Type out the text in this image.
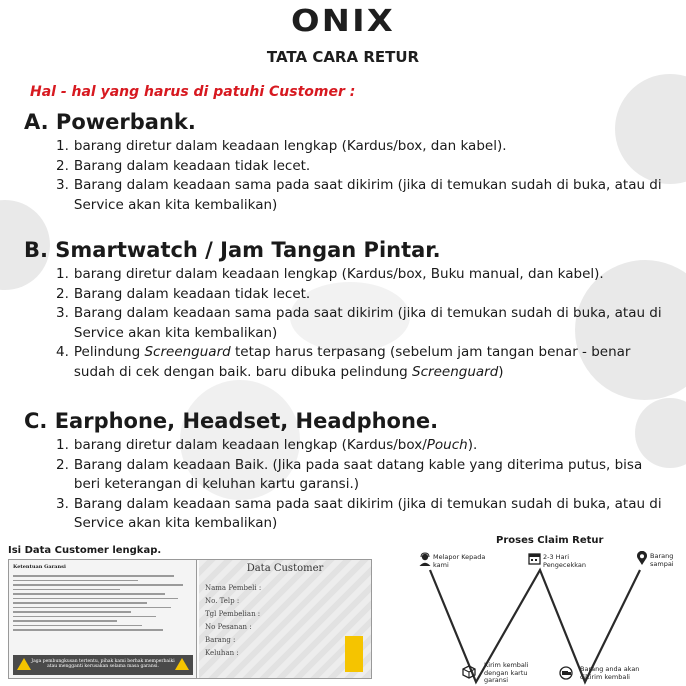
ONIX
TATA CARA RETUR
Hal - hal yang harus di patuhi Customer :
A. Powerbank.
1. barang diretur dalam keadaan lengkap (Kardus/box, dan kabel).
2. Barang dalam keadaan tidak lecet.
3. Barang dalam keadaan sama pada saat dikirim (jika di temukan sudah di buka, atau di Service akan kita kembalikan)
B. Smartwatch / Jam Tangan Pintar.
1. barang diretur dalam keadaan lengkap (Kardus/box, Buku manual, dan kabel).
2. Barang dalam keadaan tidak lecet.
3. Barang dalam keadaan sama pada saat dikirim (jika di temukan sudah di buka, atau di Service akan kita kembalikan)
4. Pelindung Screenguard tetap harus terpasang (sebelum jam tangan benar - benar sudah di cek dengan baik. baru dibuka pelindung Screenguard)
C. Earphone, Headset, Headphone.
1. barang diretur dalam keadaan lengkap (Kardus/box/Pouch).
2. Barang dalam keadaan Baik. (Jika pada saat datang kable yang diterima putus, bisa beri keterangan di keluhan kartu garansi.)
3. Barang dalam keadaan sama pada saat dikirim (jika di temukan sudah di buka, atau di Service akan kita kembalikan)
Isi Data Customer lengkap.
Ketentuan Garansi
Jaga pembungkusan tertentu, pihak kami berhak memperbaiki atau mengganti kerusakan selama masa garansi.
Data Customer
Nama Pembeli :
No. Telp :
Tgl Pembelian :
No Pesanan :
Barang :
Keluhan :
Proses Claim Retur
Melapor Kepada kami
2-3 Hari Pengecekkan
Barang sampai
Kirim kembali dengan kartu garansi
Barang anda akan dikirim kembali
